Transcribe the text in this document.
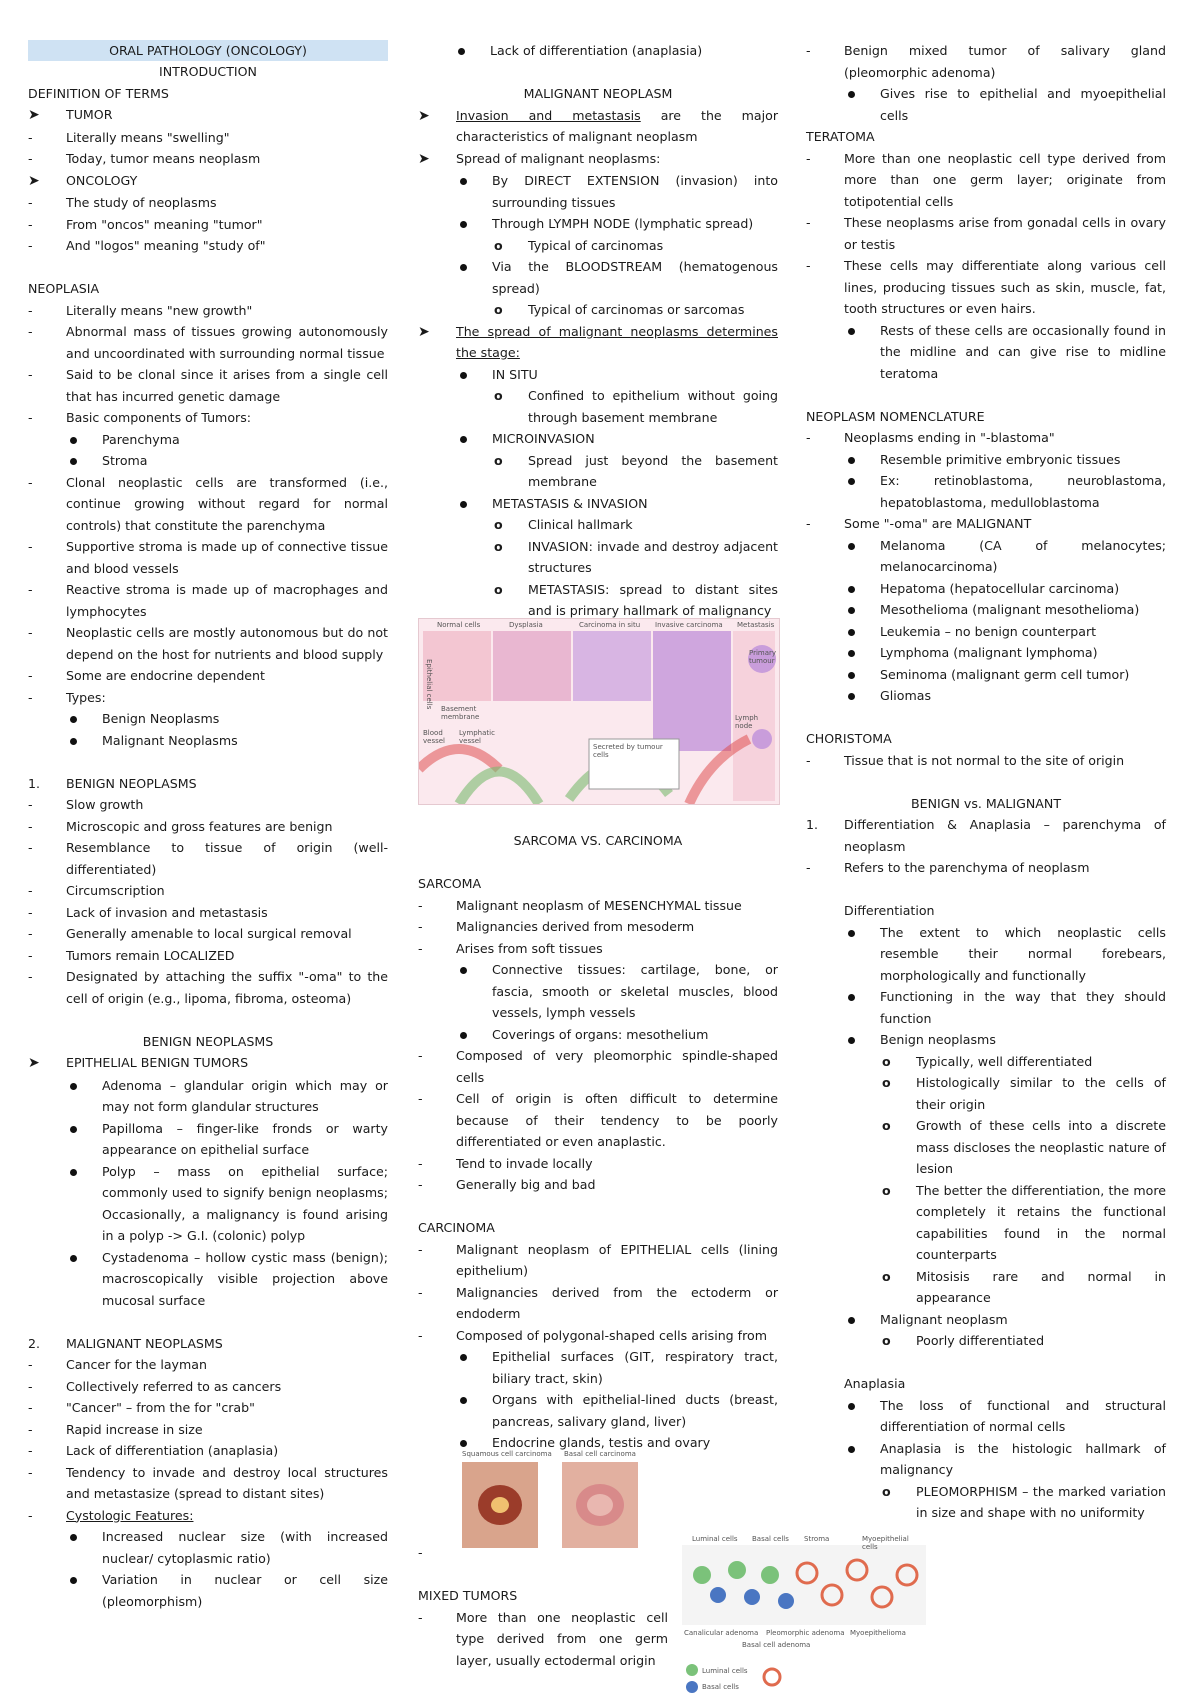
ORAL PATHOLOGY (ONCOLOGY)
INTRODUCTION
DEFINITION OF TERMS
➤	TUMOR
-	Literally means "swelling"
-	Today, tumor means neoplasm
➤	ONCOLOGY
-	The study of neoplasms
-	From "oncos" meaning "tumor"
-	And "logos" meaning "study of"
NEOPLASIA
-	Literally means "new growth"
-	Abnormal mass of tissues growing autonomously and uncoordinated with surrounding normal tissue
-	Said to be clonal since it arises from a single cell that has incurred genetic damage
-	Basic components of Tumors:
Parenchyma
Stroma
-	Clonal neoplastic cells are transformed (i.e., continue growing without regard for normal controls) that constitute the parenchyma
-	Supportive stroma is made up of connective tissue and blood vessels
-	Reactive stroma is made up of macrophages and lymphocytes
-	Neoplastic cells are mostly autonomous but do not depend on the host for nutrients and blood supply
-	Some are endocrine dependent
-	Types:
Benign Neoplasms
Malignant Neoplasms
1.	BENIGN NEOPLASMS
-	Slow growth
-	Microscopic and gross features are benign
-	Resemblance to tissue of origin (well-differentiated)
-	Circumscription
-	Lack of invasion and metastasis
-	Generally amenable to local surgical removal
-	Tumors remain LOCALIZED
-	Designated by attaching the suffix "-oma" to the cell of origin (e.g., lipoma, fibroma, osteoma)
BENIGN NEOPLASMS
➤	EPITHELIAL BENIGN TUMORS
Adenoma – glandular origin which may or may not form glandular structures
Papilloma – finger-like fronds or warty appearance on epithelial surface
Polyp – mass on epithelial surface; commonly used to signify benign neoplasms; Occasionally, a malignancy is found arising in a polyp -> G.I. (colonic) polyp
Cystadenoma – hollow cystic mass (benign); macroscopically visible projection above mucosal surface
2.	MALIGNANT NEOPLASMS
-	Cancer for the layman
-	Collectively referred to as cancers
-	"Cancer" – from the for "crab"
-	Rapid increase in size
-	Lack of differentiation (anaplasia)
-	Tendency to invade and destroy local structures and metastasize (spread to distant sites)
-	Cystologic Features:
Increased nuclear size (with increased nuclear/ cytoplasmic ratio)
Variation in nuclear or cell size (pleomorphism)
Lack of differentiation (anaplasia)
MALIGNANT NEOPLASM
➤	Invasion and metastasis are the major characteristics of malignant neoplasm
➤	Spread of malignant neoplasms:
By DIRECT EXTENSION (invasion) into surrounding tissues
Through LYMPH NODE (lymphatic spread)
o	Typical of carcinomas
Via the BLOODSTREAM (hematogenous spread)
o	Typical of carcinomas or sarcomas
➤	The spread of malignant neoplasms determines the stage:
IN SITU
o	Confined to epithelium without going through basement membrane
MICROINVASION
o	Spread just beyond the basement membrane
METASTASIS & INVASION
o	Clinical hallmark
o	INVASION: invade and destroy adjacent structures
o	METASTASIS: spread to distant sites and is primary hallmark of malignancy
SARCOMA VS. CARCINOMA
SARCOMA
-	Malignant neoplasm of MESENCHYMAL tissue
-	Malignancies derived from mesoderm
-	Arises from soft tissues
Connective tissues: cartilage, bone, or fascia, smooth or skeletal muscles, blood vessels, lymph vessels
Coverings of organs: mesothelium
-	Composed of very pleomorphic spindle-shaped cells
-	Cell of origin is often difficult to determine because of their tendency to be poorly differentiated or even anaplastic.
-	Tend to invade locally
-	Generally big and bad
CARCINOMA
-	Malignant neoplasm of EPITHELIAL cells (lining epithelium)
-	Malignancies derived from the ectoderm or endoderm
-	Composed of polygonal-shaped cells arising from
Epithelial surfaces (GIT, respiratory tract, biliary tract, skin)
Organs with epithelial-lined ducts (breast, pancreas, salivary gland, liver)
Endocrine glands, testis and ovary
-
MIXED TUMORS
-	More than one neoplastic cell type derived from one germ layer, usually ectodermal origin
-	Benign mixed tumor of salivary gland (pleomorphic adenoma)
Gives rise to epithelial and myoepithelial cells
TERATOMA
-	More than one neoplastic cell type derived from more than one germ layer; originate from totipotential cells
-	These neoplasms arise from gonadal cells in ovary or testis
-	These cells may differentiate along various cell lines, producing tissues such as skin, muscle, fat, tooth structures or even hairs.
Rests of these cells are occasionally found in the midline and can give rise to midline teratoma
NEOPLASM NOMENCLATURE
-	Neoplasms ending in "-blastoma"
Resemble primitive embryonic tissues
Ex: retinoblastoma, neuroblastoma, hepatoblastoma, medulloblastoma
-	Some "-oma" are MALIGNANT
Melanoma (CA of melanocytes; melanocarcinoma)
Hepatoma (hepatocellular carcinoma)
Mesothelioma (malignant mesothelioma)
Leukemia – no benign counterpart
Lymphoma (malignant lymphoma)
Seminoma (malignant germ cell tumor)
Gliomas
CHORISTOMA
-	Tissue that is not normal to the site of origin
BENIGN vs. MALIGNANT
1.	Differentiation & Anaplasia – parenchyma of neoplasm
-	Refers to the parenchyma of neoplasm
Differentiation
The extent to which neoplastic cells resemble their normal forebears, morphologically and functionally
Functioning in the way that they should function
Benign neoplasms
o	Typically, well differentiated
o	Histologically similar to the cells of their origin
o	Growth of these cells into a discrete mass discloses the neoplastic nature of lesion
o	The better the differentiation, the more completely it retains the functional capabilities found in the normal counterparts
o	Mitosisis rare and normal in appearance
Malignant neoplasm
o	Poorly differentiated
Anaplasia
The loss of functional and structural differentiation of normal cells
Anaplasia is the histologic hallmark of malignancy
o	PLEOMORPHISM – the marked variation in size and shape with no uniformity
Normal cells	Dysplasia	Carcinoma in situ Invasive carcinoma Metastasis
Epithelial cells Basement membrane
Blood vessel
Lymphatic vessel
Primary tumour
Lymph node
Secreted by tumour cells
Squamous cell carcinoma Basal cell carcinoma
Luminal cells Basal cells Stroma	Myoepithelial cells
Canalicular adenoma Pleomorphic adenoma Myoepithelioma
Basal cell adenoma
Luminal cells
Basal cells
